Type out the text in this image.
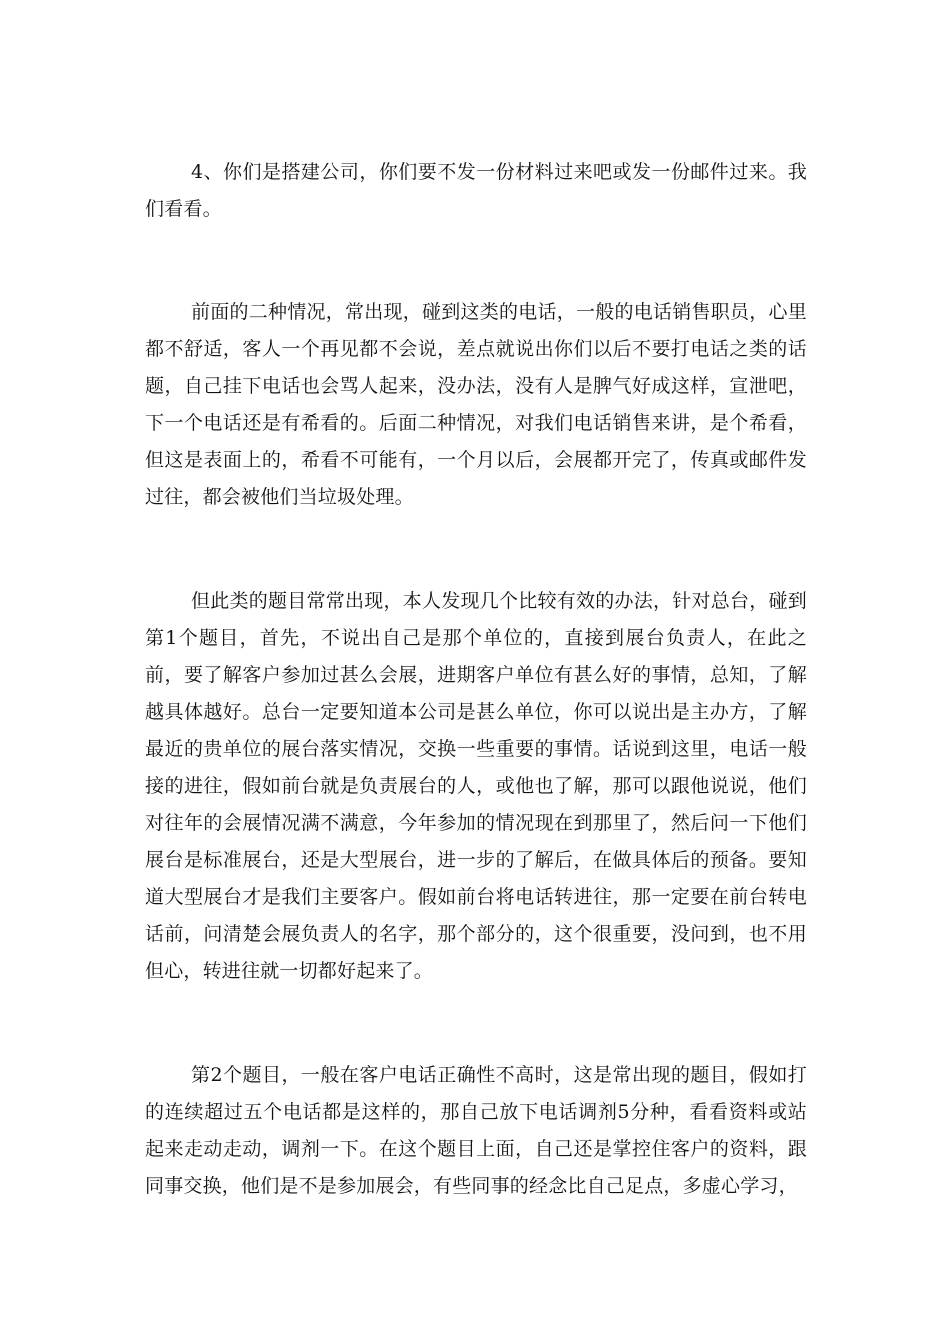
4、你们是搭建公司，你们要不发一份材料过来吧或发一份邮件过来。我们看看。

前面的二种情况，常出现，碰到这类的电话，一般的电话销售职员，心里都不舒适，客人一个再见都不会说，差点就说出你们以后不要打电话之类的话题，自己挂下电话也会骂人起来，没办法，没有人是脾气好成这样，宣泄吧，下一个电话还是有希看的。后面二种情况，对我们电话销售来讲，是个希看，但这是表面上的，希看不可能有，一个月以后，会展都开完了，传真或邮件发过往，都会被他们当垃圾处理。

但此类的题目常常出现，本人发现几个比较有效的办法，针对总台，碰到第1个题目，首先，不说出自己是那个单位的，直接到展台负责人，在此之前，要了解客户参加过甚么会展，进期客户单位有甚么好的事情，总知，了解越具体越好。总台一定要知道本公司是甚么单位，你可以说出是主办方，了解最近的贵单位的展台落实情况，交换一些重要的事情。话说到这里，电话一般接的进往，假如前台就是负责展台的人，或他也了解，那可以跟他说说，他们对往年的会展情况满不满意，今年参加的情况现在到那里了，然后问一下他们展台是标准展台，还是大型展台，进一步的了解后，在做具体后的预备。要知道大型展台才是我们主要客户。假如前台将电话转进往，那一定要在前台转电话前，问清楚会展负责人的名字，那个部分的，这个很重要，没问到，也不用但心，转进往就一切都好起来了。

第2个题目，一般在客户电话正确性不高时，这是常出现的题目，假如打的连续超过五个电话都是这样的，那自己放下电话调剂5分种，看看资料或站起来走动走动，调剂一下。在这个题目上面，自己还是掌控住客户的资料，跟同事交换，他们是不是参加展会，有些同事的经念比自己足点，多虚心学习，
